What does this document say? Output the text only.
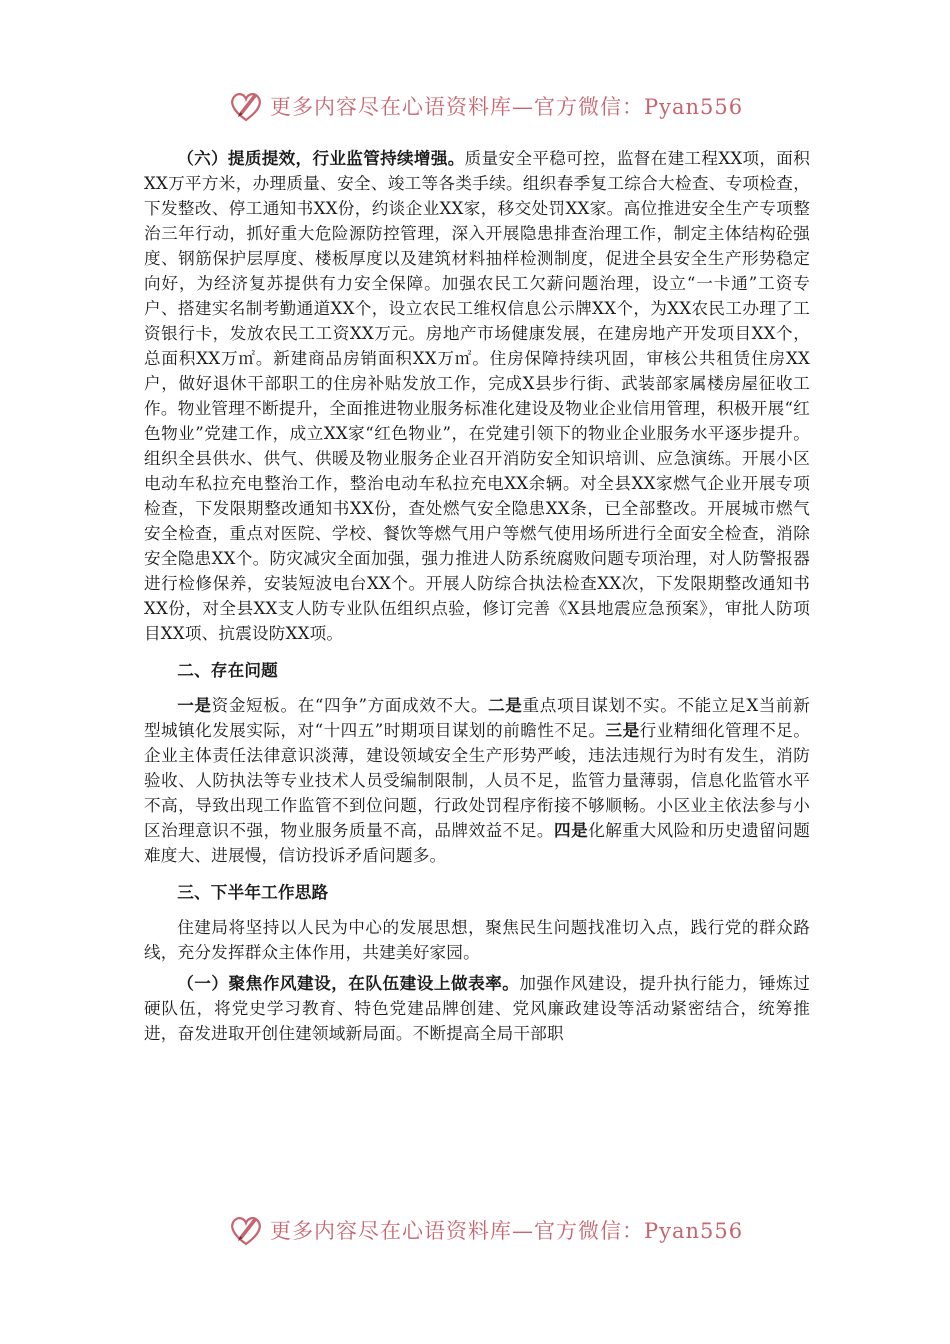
更多内容尽在心语资料库—官方微信：Pyan556

（六）提质提效，行业监管持续增强。质量安全平稳可控，监督在建工程XX项，面积XX万平方米，办理质量、安全、竣工等各类手续。组织春季复工综合大检查、专项检查，下发整改、停工通知书XX份，约谈企业XX家，移交处罚XX家。高位推进安全生产专项整治三年行动，抓好重大危险源防控管理，深入开展隐患排查治理工作，制定主体结构砼强度、钢筋保护层厚度、楼板厚度以及建筑材料抽样检测制度，促进全县安全生产形势稳定向好，为经济复苏提供有力安全保障。加强农民工欠薪问题治理，设立“一卡通”工资专户、搭建实名制考勤通道XX个，设立农民工维权信息公示牌XX个，为XX农民工办理了工资银行卡，发放农民工工资XX万元。房地产市场健康发展，在建房地产开发项目XX个，总面积XX万㎡。新建商品房销面积XX万㎡。住房保障持续巩固，审核公共租赁住房XX户，做好退休干部职工的住房补贴发放工作，完成X县步行街、武装部家属楼房屋征收工作。物业管理不断提升，全面推进物业服务标准化建设及物业企业信用管理，积极开展“红色物业”党建工作，成立XX家“红色物业”，在党建引领下的物业企业服务水平逐步提升。组织全县供水、供气、供暖及物业服务企业召开消防安全知识培训、应急演练。开展小区电动车私拉充电整治工作，整治电动车私拉充电XX余辆。对全县XX家燃气企业开展专项检查，下发限期整改通知书XX份，查处燃气安全隐患XX条，已全部整改。开展城市燃气安全检查，重点对医院、学校、餐饮等燃气用户等燃气使用场所进行全面安全检查，消除安全隐患XX个。防灾减灾全面加强，强力推进人防系统腐败问题专项治理，对人防警报器进行检修保养，安装短波电台XX个。开展人防综合执法检查XX次，下发限期整改通知书XX份，对全县XX支人防专业队伍组织点验，修订完善《X县地震应急预案》，审批人防项目XX项、抗震设防XX项。

二、存在问题

一是资金短板。在“四争”方面成效不大。二是重点项目谋划不实。不能立足X当前新型城镇化发展实际，对“十四五”时期项目谋划的前瞻性不足。三是行业精细化管理不足。企业主体责任法律意识淡薄，建设领域安全生产形势严峻，违法违规行为时有发生，消防验收、人防执法等专业技术人员受编制限制，人员不足，监管力量薄弱，信息化监管水平不高，导致出现工作监管不到位问题，行政处罚程序衔接不够顺畅。小区业主依法参与小区治理意识不强，物业服务质量不高，品牌效益不足。四是化解重大风险和历史遗留问题难度大、进展慢，信访投诉矛盾问题多。

三、下半年工作思路

住建局将坚持以人民为中心的发展思想，聚焦民生问题找准切入点，践行党的群众路线，充分发挥群众主体作用，共建美好家园。

（一）聚焦作风建设，在队伍建设上做表率。加强作风建设，提升执行能力，锤炼过硬队伍，将党史学习教育、特色党建品牌创建、党风廉政建设等活动紧密结合，统筹推进，奋发进取开创住建领域新局面。不断提高全局干部职

更多内容尽在心语资料库—官方微信：Pyan556
